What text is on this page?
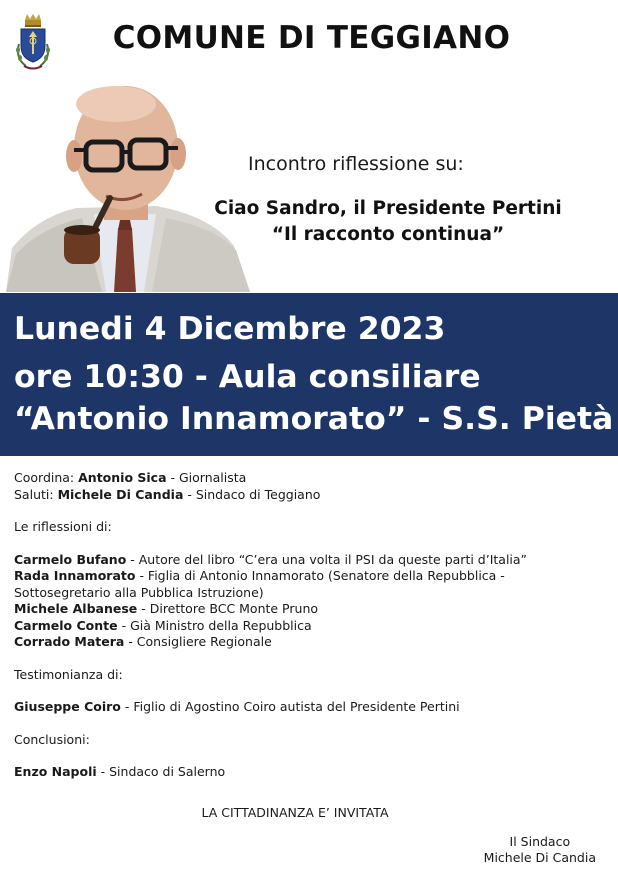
COMUNE DI TEGGIANO
Incontro riflessione su:
Ciao Sandro, il Presidente Pertini
“Il racconto continua”
Lunedi 4 Dicembre 2023
ore 10:30 - Aula consiliare
“Antonio Innamorato” - S.S. Pietà
Coordina: Antonio Sica - Giornalista
Saluti: Michele Di Candia - Sindaco di Teggiano
Le riflessioni di:
Carmelo Bufano - Autore del libro “C’era una volta il PSI da queste parti d’Italia”
Rada Innamorato - Figlia di Antonio Innamorato (Senatore della Repubblica -
Sottosegretario alla Pubblica Istruzione)
Michele Albanese - Direttore BCC Monte Pruno
Carmelo Conte - Già Ministro della Repubblica
Corrado Matera - Consigliere Regionale
Testimonianza di:
Giuseppe Coiro - Figlio di Agostino Coiro autista del Presidente Pertini
Conclusioni:
Enzo Napoli - Sindaco di Salerno
LA CITTADINANZA E’ INVITATA
Il Sindaco
Michele Di Candia
